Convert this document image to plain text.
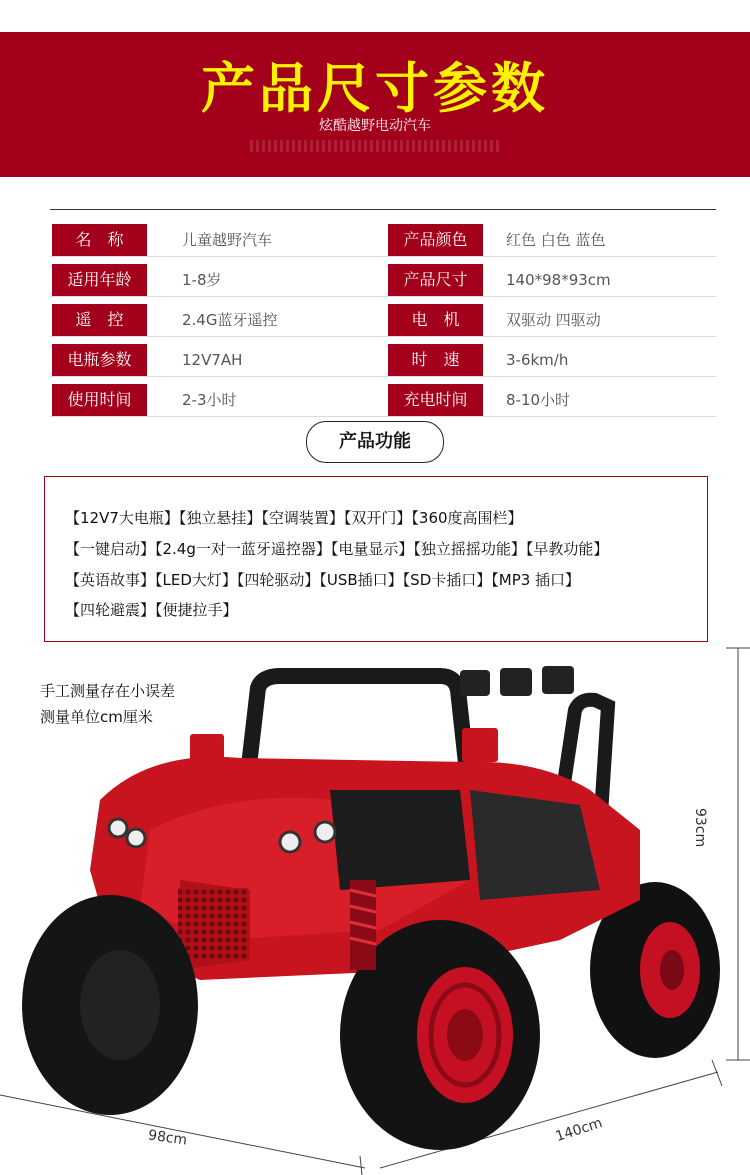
产品尺寸参数
炫酷越野电动汽车
名　称	儿童越野汽车	产品颜色	红色 白色 蓝色
适用年龄	1-8岁	产品尺寸	140*98*93cm
遥　控	2.4G蓝牙遥控	电　机	双驱动 四驱动
电瓶参数	12V7AH	时　速	3-6km/h
使用时间	2-3小时	充电时间	8-10小时
产品功能
【12V7大电瓶】【独立悬挂】【空调装置】【双开门】【360度高围栏】
【一键启动】【2.4g一对一蓝牙遥控器】【电量显示】【独立摇摇功能】【早教功能】
【英语故事】【LED大灯】【四轮驱动】【USB插口】【SD卡插口】【MP3 插口】
【四轮避震】【便捷拉手】
手工测量存在小误差
测量单位cm厘米
93cm
98cm	140cm
